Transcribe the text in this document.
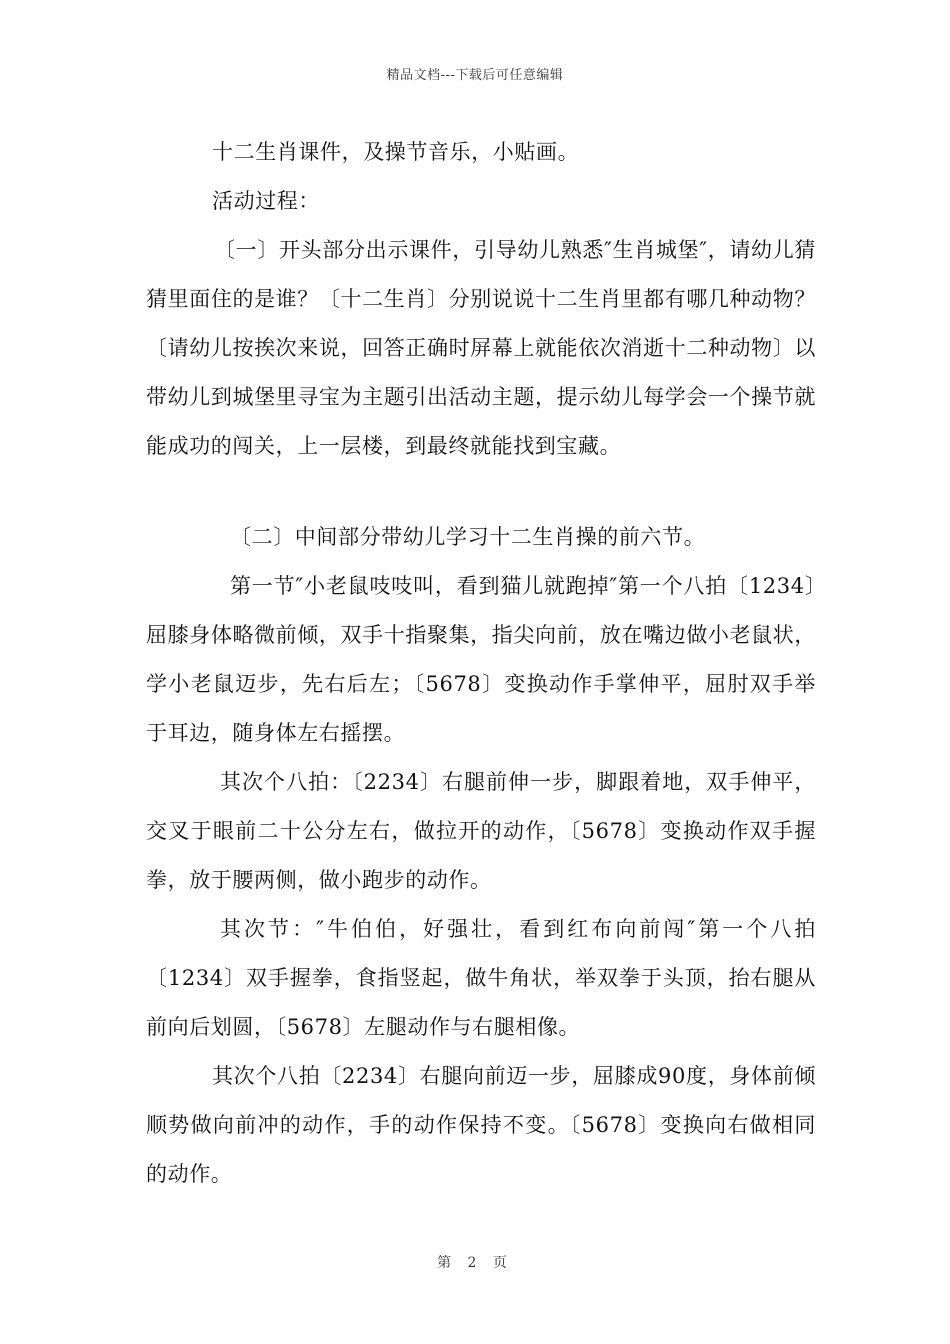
精品文档---下载后可任意编辑

十二生肖课件，及操节音乐，小贴画。

活动过程：

〔一〕开头部分出示课件，引导幼儿熟悉″生肖城堡″，请幼儿猜猜里面住的是谁？〔十二生肖〕分别说说十二生肖里都有哪几种动物？〔请幼儿按挨次来说，回答正确时屏幕上就能依次消逝十二种动物〕以带幼儿到城堡里寻宝为主题引出活动主题，提示幼儿每学会一个操节就能成功的闯关，上一层楼，到最终就能找到宝藏。

〔二〕中间部分带幼儿学习十二生肖操的前六节。

第一节″小老鼠吱吱叫，看到猫儿就跑掉″第一个八拍〔1234〕屈膝身体略微前倾，双手十指聚集，指尖向前，放在嘴边做小老鼠状，学小老鼠迈步，先右后左；〔5678〕变换动作手掌伸平，屈肘双手举于耳边，随身体左右摇摆。

其次个八拍：〔2234〕右腿前伸一步，脚跟着地，双手伸平，交叉于眼前二十公分左右，做拉开的动作，〔5678〕变换动作双手握拳，放于腰两侧，做小跑步的动作。

其次节：″牛伯伯，好强壮，看到红布向前闯″第一个八拍〔1234〕双手握拳，食指竖起，做牛角状，举双拳于头顶，抬右腿从前向后划圆，〔5678〕左腿动作与右腿相像。

其次个八拍〔2234〕右腿向前迈一步，屈膝成90度，身体前倾顺势做向前冲的动作，手的动作保持不变。〔5678〕变换向右做相同的动作。

第 2 页
